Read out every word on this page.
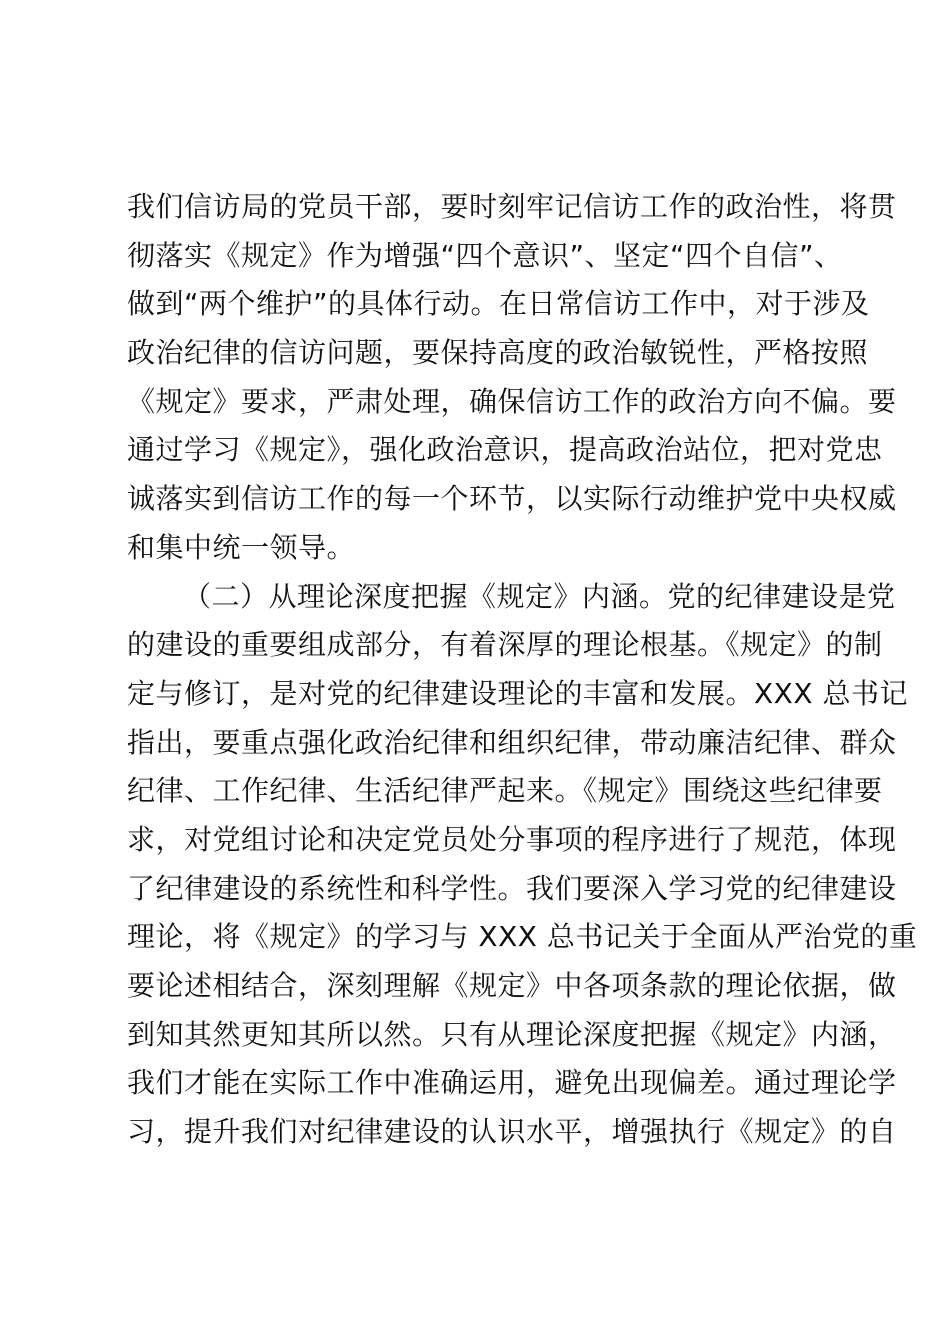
我们信访局的党员干部，要时刻牢记信访工作的政治性，将贯
彻落实《规定》作为增强“四个意识”、坚定“四个自信”、
做到“两个维护”的具体行动。在日常信访工作中，对于涉及
政治纪律的信访问题，要保持高度的政治敏锐性，严格按照
《规定》要求，严肃处理，确保信访工作的政治方向不偏。要
通过学习《规定》，强化政治意识，提高政治站位，把对党忠
诚落实到信访工作的每一个环节，以实际行动维护党中央权威
和集中统一领导。
（二）从理论深度把握《规定》内涵。党的纪律建设是党
的建设的重要组成部分，有着深厚的理论根基。《规定》的制
定与修订，是对党的纪律建设理论的丰富和发展。XXX 总书记
指出，要重点强化政治纪律和组织纪律，带动廉洁纪律、群众
纪律、工作纪律、生活纪律严起来。《规定》围绕这些纪律要
求，对党组讨论和决定党员处分事项的程序进行了规范，体现
了纪律建设的系统性和科学性。我们要深入学习党的纪律建设
理论，将《规定》的学习与 XXX 总书记关于全面从严治党的重
要论述相结合，深刻理解《规定》中各项条款的理论依据，做
到知其然更知其所以然。只有从理论深度把握《规定》内涵，
我们才能在实际工作中准确运用，避免出现偏差。通过理论学
习，提升我们对纪律建设的认识水平，增强执行《规定》的自
